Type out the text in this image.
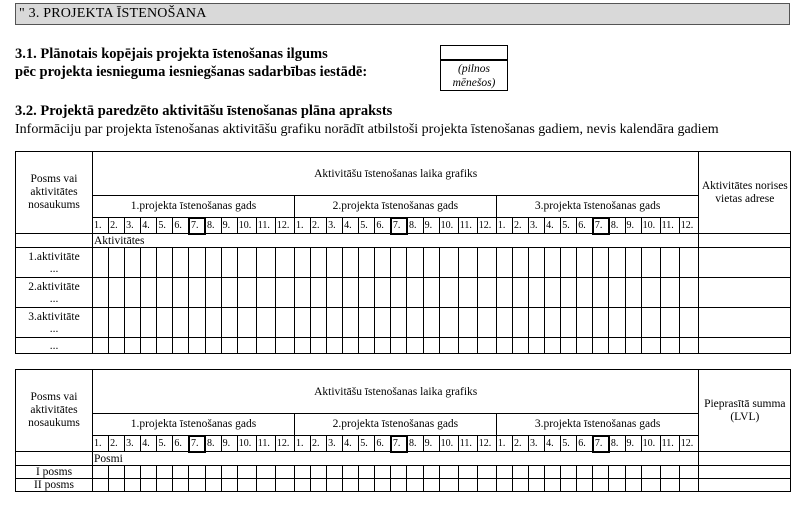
" 3. PROJEKTA ĪSTENOŠANA
3.1. Plānotais kopējais projekta īstenošanas ilgums
pēc projekta iesnieguma iesniegšanas sadarbības iestādē:	(pilnos
mēnešos)
3.2. Projektā paredzēto aktivitāšu īstenošanas plāna apraksts
Informāciju par projekta īstenošanas aktivitāšu grafiku norādīt atbilstoši projekta īstenošanas gadiem, nevis kalendāra gadiem
Posms vai aktivitātes nosaukums	Aktivitāšu īstenošanas laika grafiks																																				Aktivitātes norises vietas adrese
	1.projekta īstenošanas gads												2.projekta īstenošanas gads												3.projekta īstenošanas gads												
	1.	2.	3.	4.	5.	6.	7.	8.	9.	10.	11.	12.	1.	2.	3.	4.	5.	6.	7.	8.	9.	10.	11.	12.	1.	2.	3.	4.	5.	6.	7.	8.	9.	10.	11.	12.	
	Aktivitātes																																				

1.aktivitāte
...																																					

2.aktivitāte
...																																					

3.aktivitāte
...																																					

...																																					

Posms vai aktivitātes nosaukums	Aktivitāšu īstenošanas laika grafiks																																				Pieprasītā summa (LVL)
	1.projekta īstenošanas gads												2.projekta īstenošanas gads												3.projekta īstenošanas gads												
	1.	2.	3.	4.	5.	6.	7.	8.	9.	10.	11.	12.	1.	2.	3.	4.	5.	6.	7.	8.	9.	10.	11.	12.	1.	2.	3.	4.	5.	6.	7.	8.	9.	10.	11.	12.	
	Posmi																																				

I posms																																					

II posms																																					
